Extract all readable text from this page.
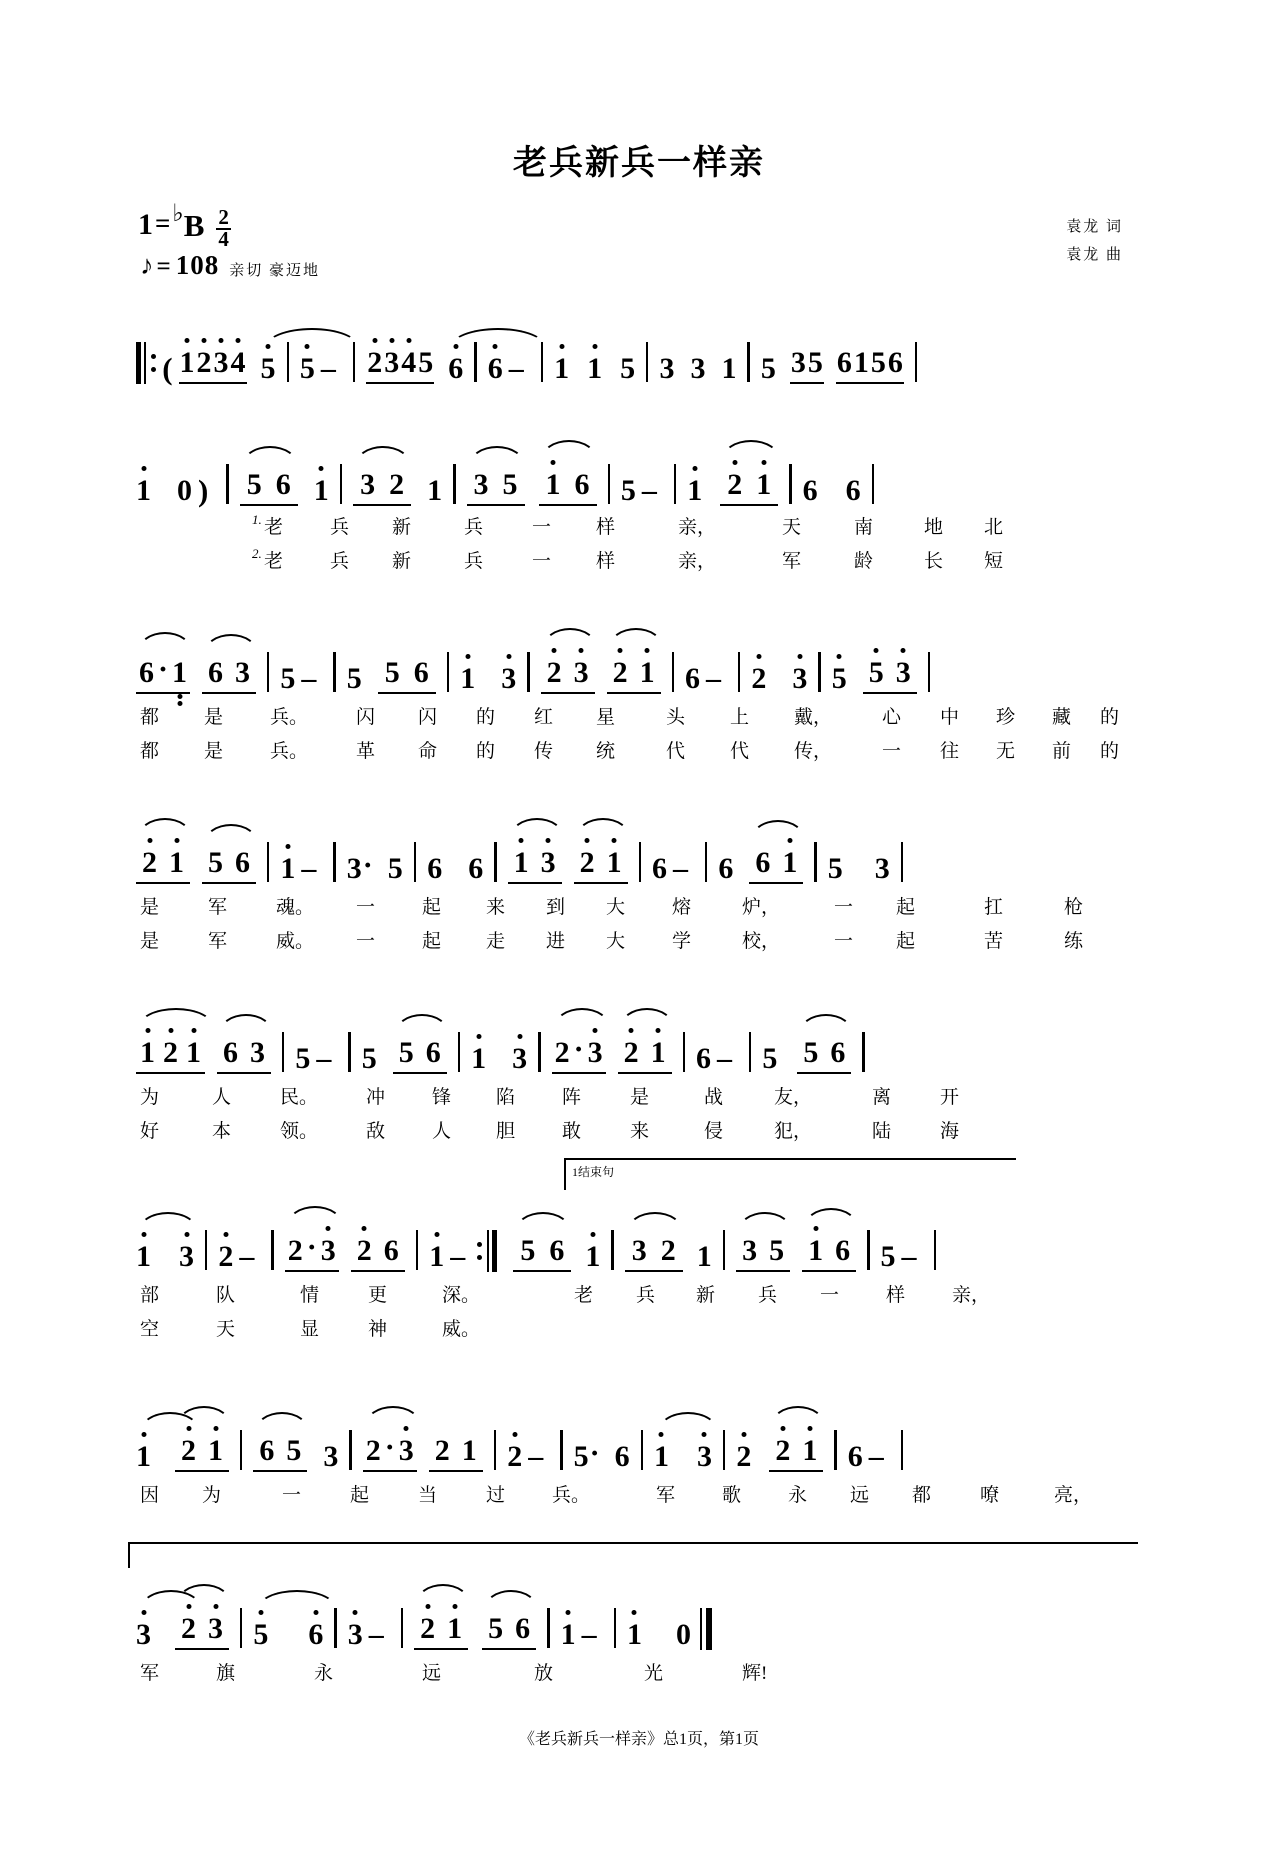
老兵新兵一样亲
1 = ♭ B $\frac{2}{4}$
♪ = 108 亲切 豪迈地
袁龙 词
袁龙 曲
( 1 2 3 4 5 5 – 2 3 4 5 6 6 – 1 1 5 3 3 1 5 3 5 6 1 5 6
1 0 ) 5 6 1 3 2 1 3 5 1 6 5 – 1 2 1 6 6
1. 老 兵 新	兵	一 样	亲，	天	南	地 北
2. 老 兵 新	兵	一 样	亲，	军	龄	长 短
6 · 1 6 3 5 – 5 5 6 1 3 2 3 2 1 6 – 2 3 5 5 3
都 是 兵。	闪 闪 的 红 星	头 上 戴，	心 中 珍 藏 的
都 是 兵。	革 命 的 传 统	代 代 传，	一 往 无 前 的
2 1 5 6 1 – 3 · 5 6 6 1 3 2 1 6 – 6 6 1 5 3
是	军	魂。 一 起 来 到 大 熔	炉，	一 起	扛	枪
是	军	威。 一 起 走 进 大 学	校，	一 起	苦	练
1 2 1 6 3 5 – 5 5 6 1 3 2 · 3 2 1 6 – 5 5 6
为	人	民。	冲 锋 陷 阵	是	战	友，	离	开
好	本	领。	敌 人 胆 敢	来	侵	犯，	陆	海
1结束句
1 3 2 – 2 · 3 2 6 1 – 5 6 1 3 2 1 3 5 1 6 5 –
部	队	情	更	深。	老 兵 新 兵 一 样 亲，
空	天	显	神	威。
1 2 1 6 5 3 2 · 3 2 1 2 – 5 · 6 1 3 2 2 1 6 –
因 为	一	起	当	过 兵。	军 歌 永 远 都	嘹	亮，
3 2 3 5 6 3 – 2 1 5 6 1 – 1 0
军	旗	永	远	放	光	辉!
《老兵新兵一样亲》总1页，第1页
